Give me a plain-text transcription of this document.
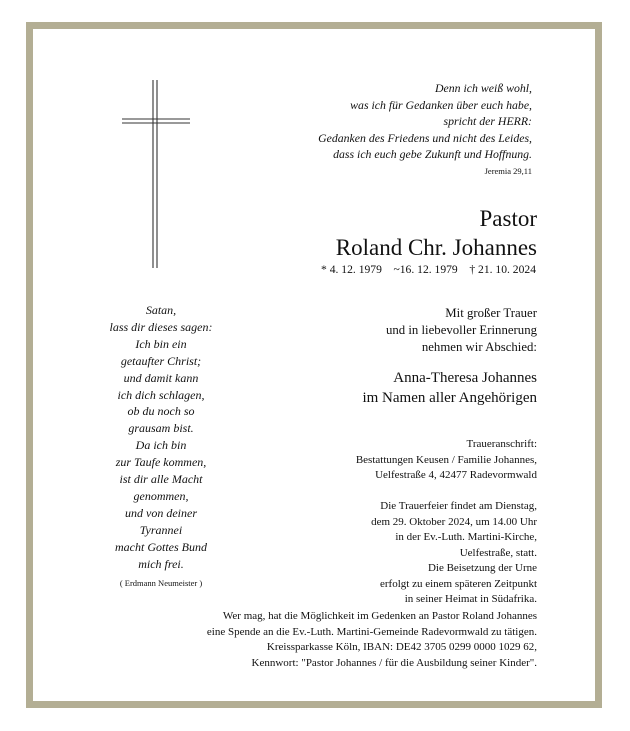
Denn ich weiß wohl,
was ich für Gedanken über euch habe,
spricht der HERR:
Gedanken des Friedens und nicht des Leides,
dass ich euch gebe Zukunft und Hoffnung.
Jeremia 29,11
Pastor
Roland Chr. Johannes
* 4. 12. 1979 ~16. 12. 1979 † 21. 10. 2024
Satan,
lass dir dieses sagen:
Ich bin ein
getaufter Christ;
und damit kann
ich dich schlagen,
ob du noch so
grausam bist.
Da ich bin
zur Taufe kommen,
ist dir alle Macht
genommen,
und von deiner
Tyrannei
macht Gottes Bund
mich frei.
( Erdmann Neumeister )
Mit großer Trauer
und in liebevoller Erinnerung
nehmen wir Abschied:
Anna-Theresa Johannes
im Namen aller Angehörigen
Traueranschrift:
Bestattungen Keusen / Familie Johannes,
Uelfestraße 4, 42477 Radevormwald
Die Trauerfeier findet am Dienstag,
dem 29. Oktober 2024, um 14.00 Uhr
in der Ev.-Luth. Martini-Kirche,
Uelfestraße, statt.
Die Beisetzung der Urne
erfolgt zu einem späteren Zeitpunkt
in seiner Heimat in Südafrika.
Wer mag, hat die Möglichkeit im Gedenken an Pastor Roland Johannes
eine Spende an die Ev.-Luth. Martini-Gemeinde Radevormwald zu tätigen.
Kreissparkasse Köln, IBAN: DE42 3705 0299 0000 1029 62,
Kennwort: "Pastor Johannes / für die Ausbildung seiner Kinder".
